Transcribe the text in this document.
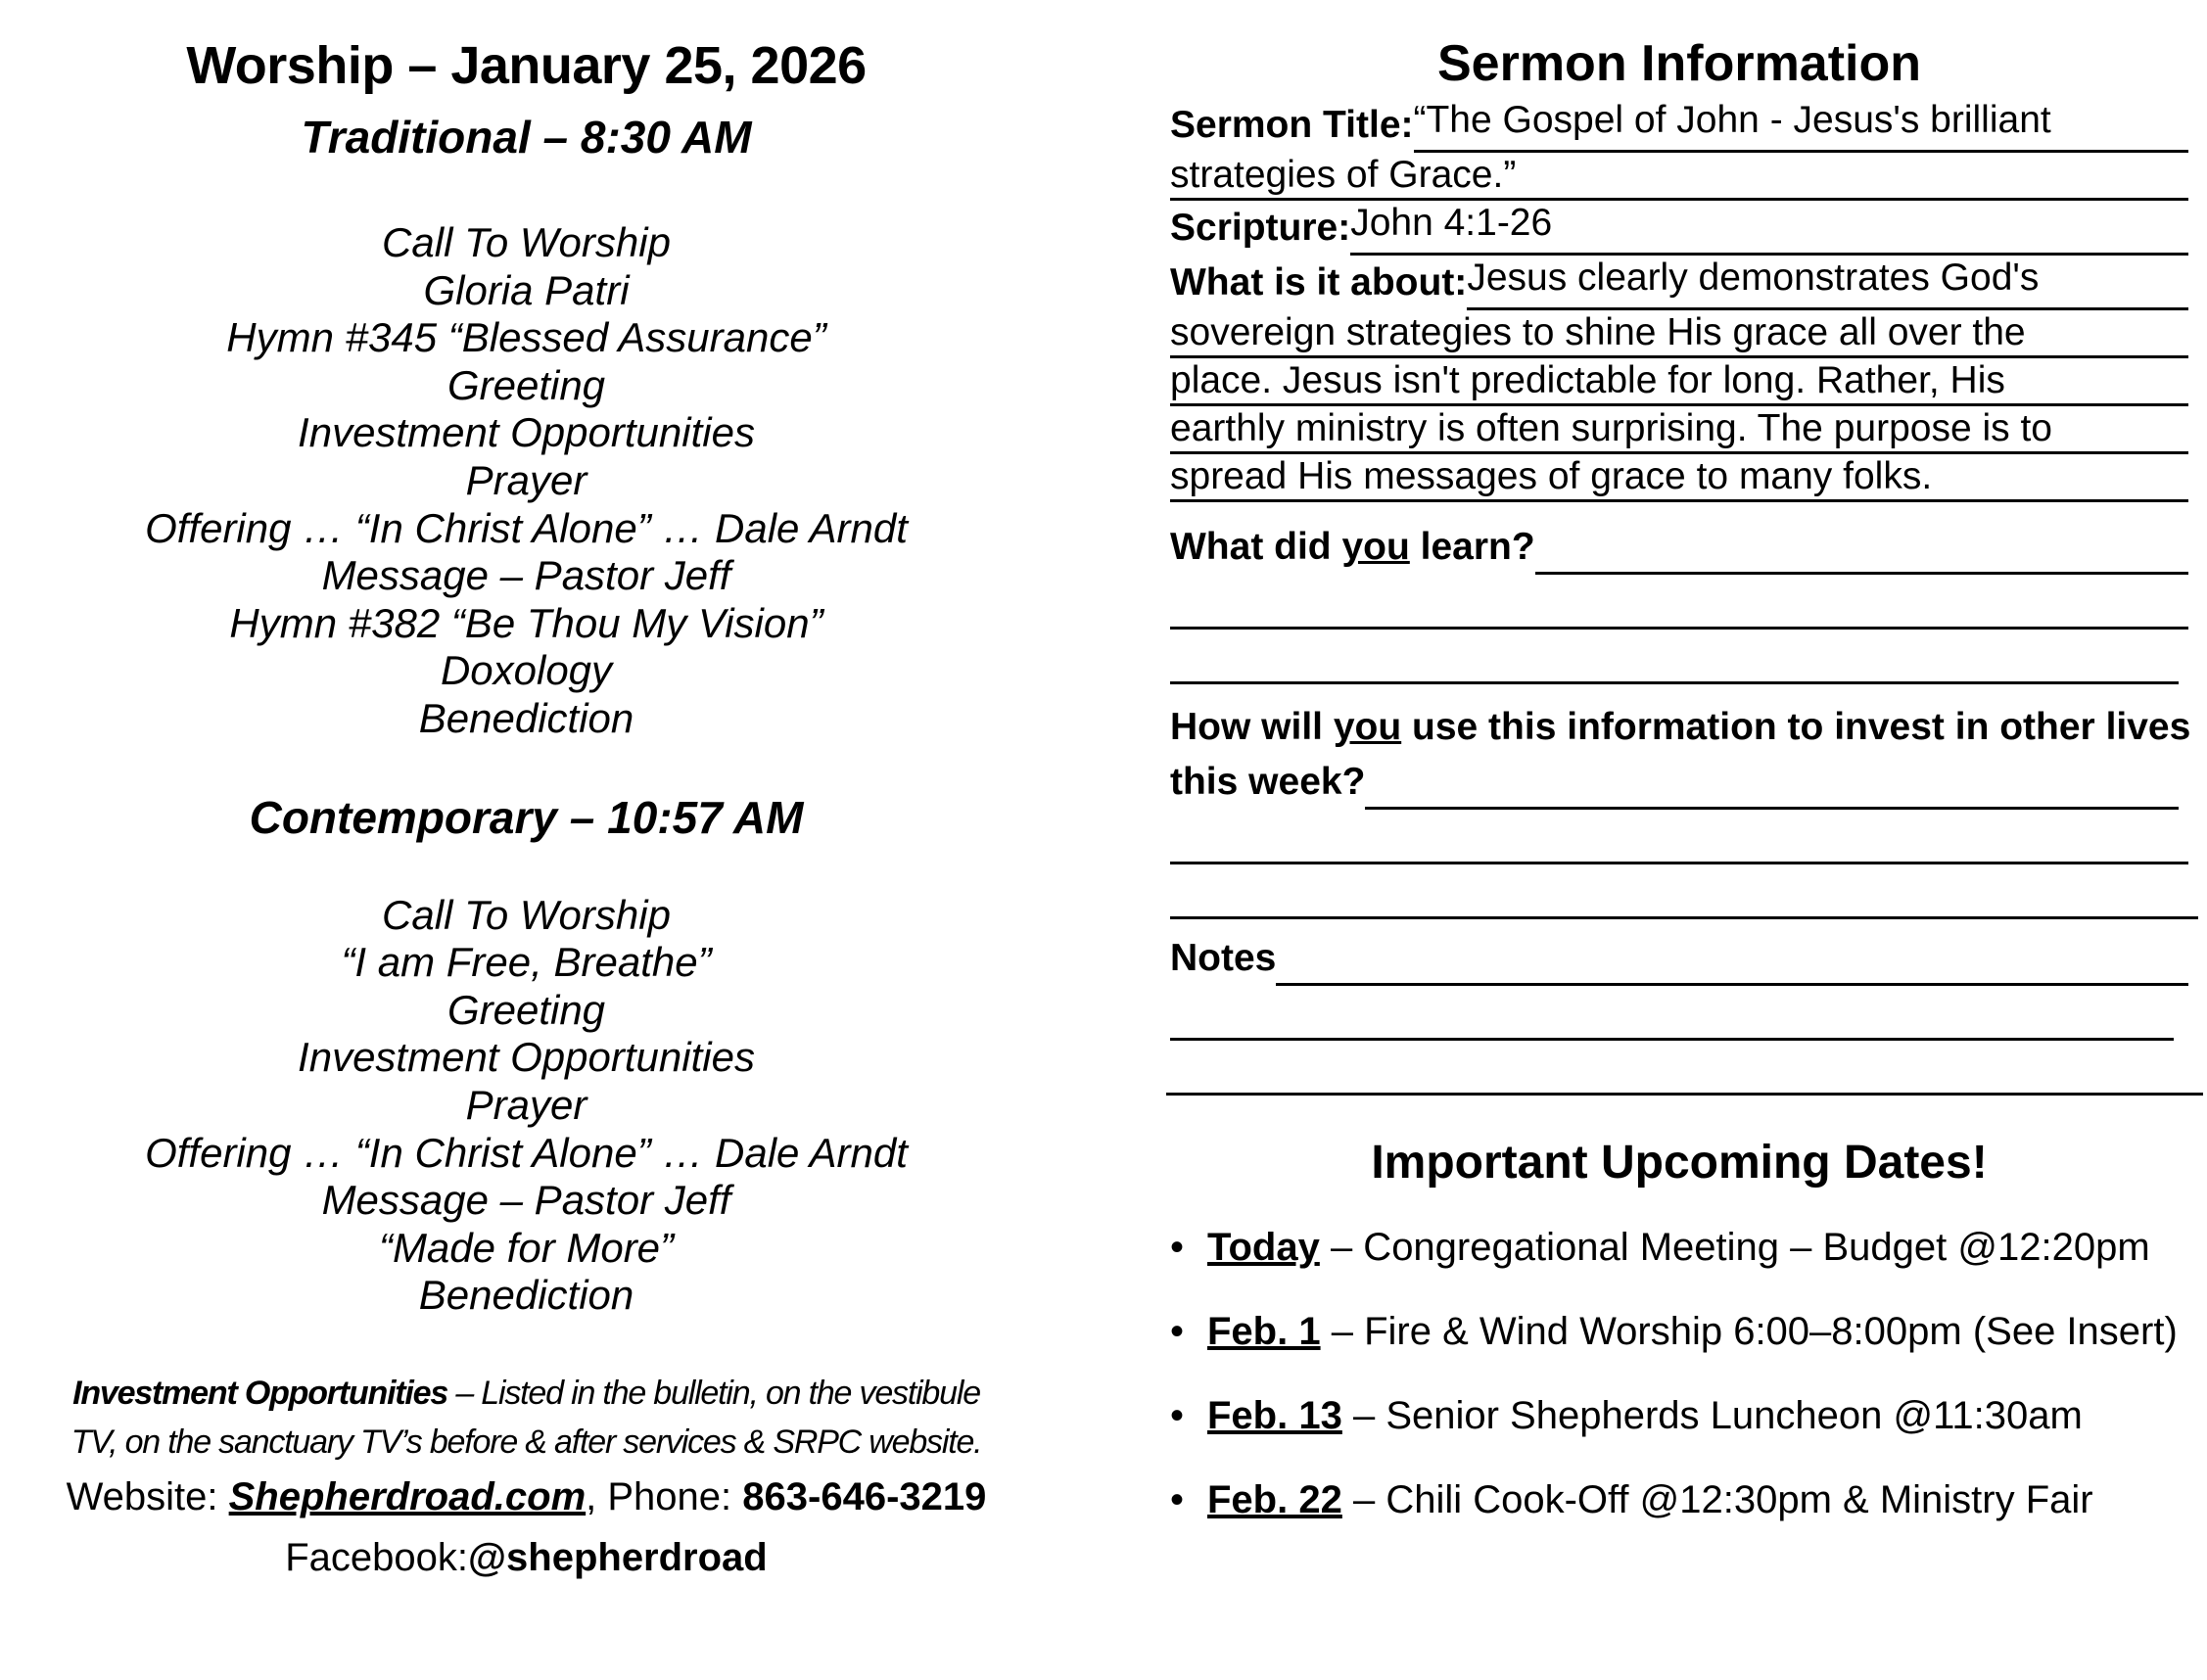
Worship – January 25, 2026
Traditional – 8:30 AM
Call To Worship
Gloria Patri
Hymn #345 “Blessed Assurance”
Greeting
Investment Opportunities
Prayer
Offering … “In Christ Alone” … Dale Arndt
Message – Pastor Jeff
Hymn #382 “Be Thou My Vision”
Doxology
Benediction
Contemporary – 10:57 AM
Call To Worship
“I am Free, Breathe”
Greeting
Investment Opportunities
Prayer
Offering … “In Christ Alone” … Dale Arndt
Message – Pastor Jeff
“Made for More”
Benediction
Investment Opportunities – Listed in the bulletin, on the vestibule
TV, on the sanctuary TV’s before & after services & SRPC website.
Website: Shepherdroad.com, Phone: 863-646-3219
Facebook:@shepherdroad
Sermon Information
Sermon Title: “The Gospel of John - Jesus's brilliant
strategies of Grace.”
Scripture: John 4:1-26
What is it about: Jesus clearly demonstrates God's
sovereign strategies to shine His grace all over the
place. Jesus isn't predictable for long. Rather, His
earthly ministry is often surprising. The purpose is to
spread His messages of grace to many folks.
What did you learn?
How will you use this information to invest in other lives
this week?
Notes
Important Upcoming Dates!
• Today – Congregational Meeting – Budget @12:20pm
• Feb. 1 – Fire & Wind Worship 6:00–8:00pm (See Insert)
• Feb. 13 – Senior Shepherds Luncheon @11:30am
• Feb. 22 – Chili Cook-Off @12:30pm & Ministry Fair
